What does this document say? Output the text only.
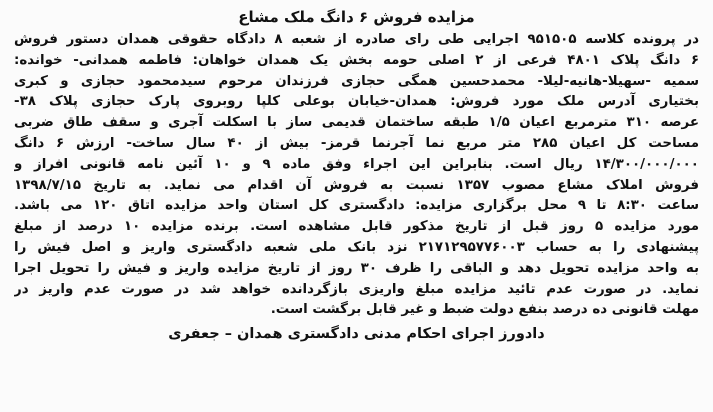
مزایده فروش ۶ دانگ ملک مشاع
در پرونده کلاسه ۹۵۱۵۰۵ اجرایی طی رای صادره از شعبه ۸ دادگاه حقوقی همدان دستور فروش
۶ دانگ پلاک ۴۸۰۱ فرعی از ۲ اصلی حومه بخش یک همدان خواهان: فاطمه همدانی- خوانده:
سمیه -سهیلا-هانیه-لیلا- محمدحسین همگی حجازی فرزندان مرحوم سیدمحمود حجازی و کبری
بختیاری آدرس ملک مورد فروش: همدان-خیابان بوعلی کلپا روبروی پارک حجازی پلاک ۳۸-
عرصه ۳۱۰ مترمربع اعیان ۱/۵ طبقه ساختمان قدیمی ساز با اسکلت آجری و سقف طاق ضربی
مساحت کل اعیان ۲۸۵ متر مربع نما آجرنما قرمز- بیش از ۴۰ سال ساخت- ارزش ۶ دانگ
۱۴/۳۰۰/۰۰۰/۰۰۰ ریال است. بنابراین این اجراء وفق ماده ۹ و ۱۰ آئین نامه قانونی افراز و
فروش املاک مشاع مصوب ۱۳۵۷ نسبت به فروش آن اقدام می نماید. به تاریخ ۱۳۹۸/۷/۱۵
ساعت ۸:۳۰ تا ۹ محل برگزاری مزایده: دادگستری کل استان واحد مزایده اتاق ۱۲۰ می باشد.
مورد مزایده ۵ روز قبل از تاریخ مذکور قابل مشاهده است. برنده مزایده ۱۰ درصد از مبلغ
پیشنهادی را به حساب ۲۱۷۱۲۹۵۷۷۶۰۰۳ نزد بانک ملی شعبه دادگستری واریز و اصل فیش را
به واحد مزایده تحویل دهد و الباقی را ظرف ۳۰ روز از تاریخ مزایده واریز و فیش را تحویل اجرا
نماید. در صورت عدم تائید مزایده مبلغ واریزی بازگردانده خواهد شد در صورت عدم واریز در
مهلت قانونی ده درصد بنفع دولت ضبط و غیر قابل برگشت است.
دادورز اجرای احکام مدنی دادگستری همدان – جعفری
